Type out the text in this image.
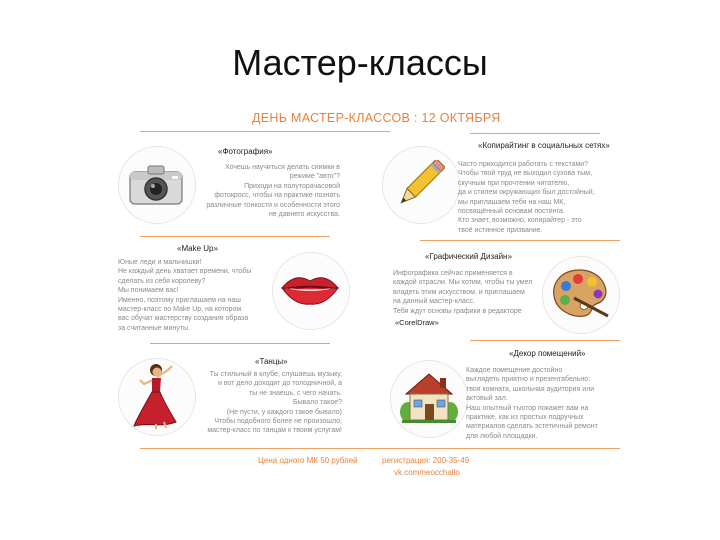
Мастер-классы
ДЕНЬ МАСТЕР-КЛАССОВ : 12 ОКТЯБРЯ
«Фотография»
Хочешь научиться делать снимки в
режиме "авто"?
Приходи на полуторачасовой
фотокросс, чтобы на практике познать
различные тонкости и особенности этого
не давнего искусства.
«Копирайтинг в социальных сетях»
Часто приходится работать с текстами?
Чтобы твой труд не выходил сухова тым,
скучным при прочтении читателю,
да и стилем окружающих был достойный,
мы приглашаем тебя на наш МК,
посвящённый основам постинга.
Кто знает, возможно, копирайтер - это
твоё истинное призвание.
«Make Up»
Юные леди и мальчишки!
Не каждый день хватает времени, чтобы
сделать из себя королеву?
Мы понимаем вас!
Именно, поэтому приглашаем на наш
мастер-класс по Make Up, на котором
вас обучат мастерству создания образа
за считанные минуты.
«Графический Дизайн»
Инфографика сейчас применяется в
каждой отрасли. Мы хотим, чтобы ты умел
владеть этим искусством, и приглашаем
на данный мастер-класс.
Тебя ждут основы графики в редакторе
«CorelDraw»
«Танцы»
Ты стильный в клубе, слушаешь музыку,
и вот дело доходит до толодничной, а
ты не знаешь, с чего начать.
Бывало такое?
(Не пусти, у каждого такое бывало)
Чтобы подобного более не произошло,
мастер-класс по танцам к твоим услугам!
«Декор помещений»
Каждое помещение достойно
выглядеть приятно и презентабельно:
твоя комната, школьная аудитория или
актовый зал.
Наш опытный тьютор покажет вам на
практике, как из простых подручных
материалов сделать эстетичный ремонт
для любой площадки.
Цена одного МК 50 рублей	регистрация: 200-35-49
vk.com/neocchallo
